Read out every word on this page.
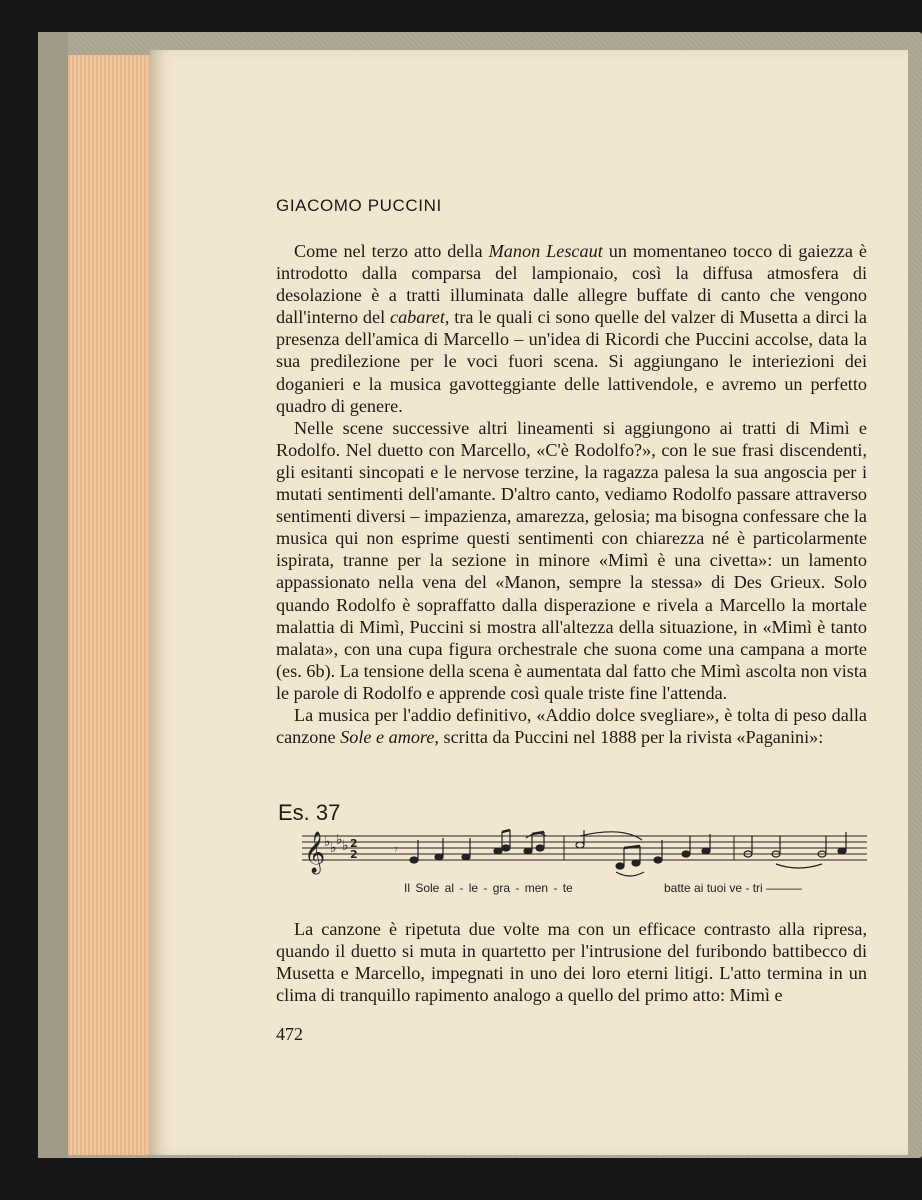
GIACOMO PUCCINI

Come nel terzo atto della Manon Lescaut un momentaneo tocco di gaiezza è introdotto dalla comparsa del lampionaio, così la diffusa atmosfera di desolazione è a tratti illuminata dalle allegre buffate di canto che vengono dall'interno del cabaret, tra le quali ci sono quelle del valzer di Musetta a dirci la presenza dell'amica di Marcello – un'idea di Ricordi che Puccini accolse, data la sua predilezione per le voci fuori scena. Si aggiungano le interiezioni dei doganieri e la musica gavotteggiante delle lattivendole, e avremo un perfetto quadro di genere.

Nelle scene successive altri lineamenti si aggiungono ai tratti di Mimì e Rodolfo. Nel duetto con Marcello, «C'è Rodolfo?», con le sue frasi discendenti, gli esitanti sincopati e le nervose terzine, la ragazza palesa la sua angoscia per i mutati sentimenti dell'amante. D'altro canto, vediamo Rodolfo passare attraverso sentimenti diversi – impazienza, amarezza, gelosia; ma bisogna confessare che la musica qui non esprime questi sentimenti con chiarezza né è particolarmente ispirata, tranne per la sezione in minore «Mimì è una civetta»: un lamento appassionato nella vena del «Manon, sempre la stessa» di Des Grieux. Solo quando Rodolfo è sopraffatto dalla disperazione e rivela a Marcello la mortale malattia di Mimì, Puccini si mostra all'altezza della situazione, in «Mimì è tanto malata», con una cupa figura orchestrale che suona come una campana a morte (es. 6b). La tensione della scena è aumentata dal fatto che Mimì ascolta non vista le parole di Rodolfo e apprende così quale triste fine l'attenda.

La musica per l'addio definitivo, «Addio dolce svegliare», è tolta di peso dalla canzone Sole e amore, scritta da Puccini nel 1888 per la rivista «Paganini»:

Es. 37
𝄞
♭ ♭ ♭ ♭ 2
2	𝄾
Il Sole al - le - gra - men - te	batte ai tuoi ve - tri ———

La canzone è ripetuta due volte ma con un efficace contrasto alla ripresa, quando il duetto si muta in quartetto per l'intrusione del furibondo battibecco di Musetta e Marcello, impegnati in uno dei loro eterni litigi. L'atto termina in un clima di tranquillo rapimento analogo a quello del primo atto: Mimì e

472
